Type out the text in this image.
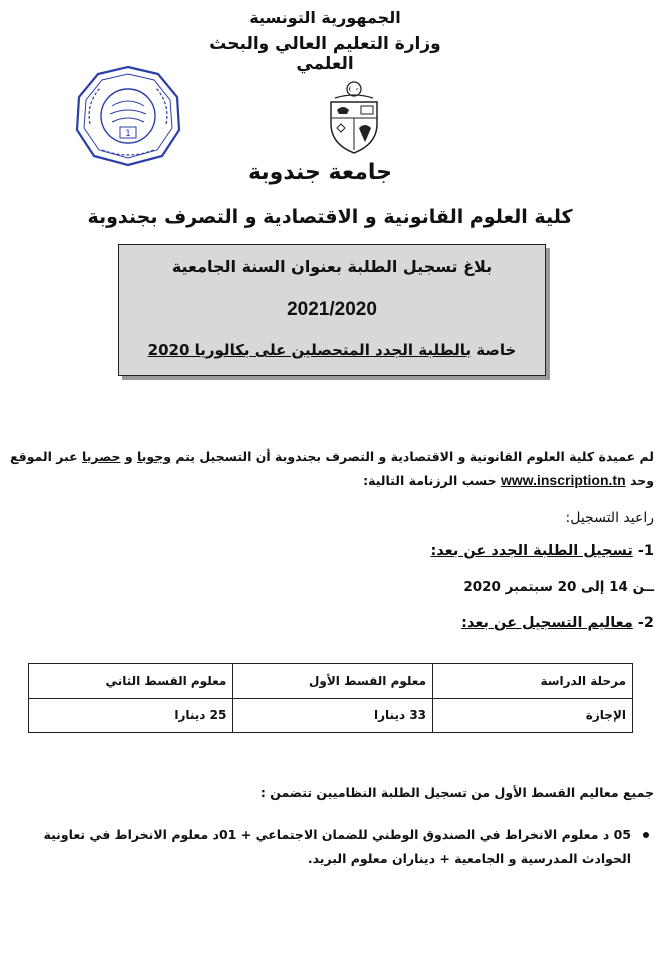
الجمهورية التونسية
وزارة التعليم العالي والبحث العلمي
1
جامعة جندوبة
كلية العلوم القانونية و الاقتصادية و التصرف بجندوبة
بلاغ تسجيل الطلبة بعنوان السنة الجامعية
2021/2020
خاصة بالطلبة الجدد المتحصلين على بكالوريا 2020
لم عميدة كلية العلوم القانونية و الاقتصادية و التصرف بجندوبة أن التسجيل يتم وجوبا و حصريا عبر الموقع
وحد www.inscription.tn حسب الرزنامة التالية:
راعيد التسجيل:
1- تسجيل الطلبة الجدد عن بعد:
ــن 14 إلى 20 سبتمبر 2020
2- معاليم التسجيل عن بعد:
مرحلة الدراسة	معلوم القسط الأول	معلوم القسط الثاني
الإجازة	33 دينارا	25 دينارا
جميع معاليم القسط الأول من تسجيل الطلبة النظاميين تتضمن :
05 د معلوم الانخراط في الصندوق الوطني للضمان الاجتماعي + 01د معلوم الانخراط في تعاونية
الحوادث المدرسية و الجامعية + ديناران معلوم البريد.
